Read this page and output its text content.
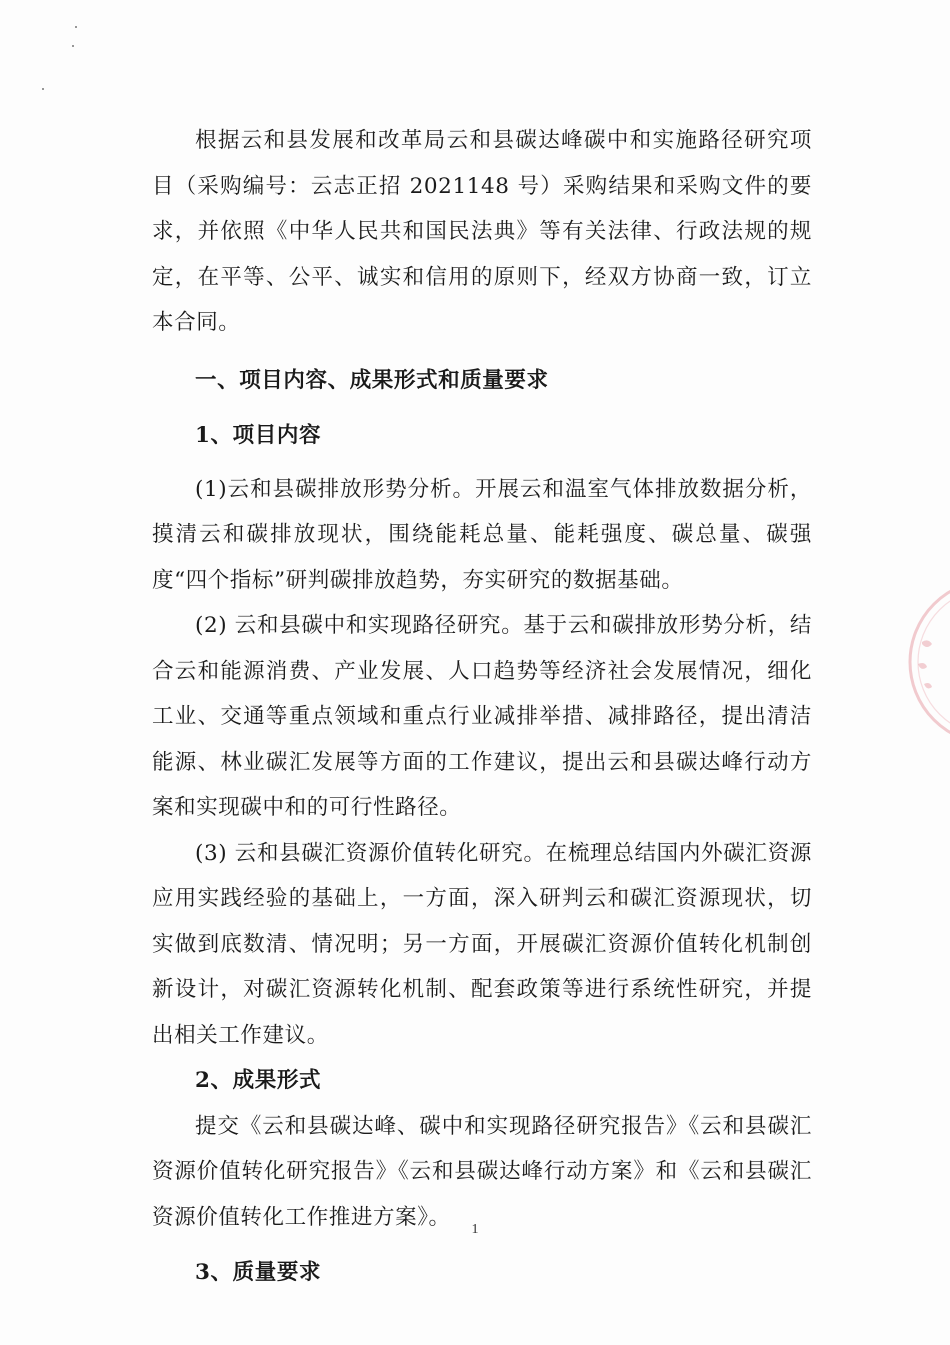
根据云和县发展和改革局云和县碳达峰碳中和实施路径研究项目（采购编号：云志正招 2021148 号）采购结果和采购文件的要求，并依照《中华人民共和国民法典》等有关法律、行政法规的规定，在平等、公平、诚实和信用的原则下，经双方协商一致，订立本合同。

一、项目内容、成果形式和质量要求

1、项目内容

(1)云和县碳排放形势分析。开展云和温室气体排放数据分析，摸清云和碳排放现状，围绕能耗总量、能耗强度、碳总量、碳强度“四个指标”研判碳排放趋势，夯实研究的数据基础。

(2) 云和县碳中和实现路径研究。基于云和碳排放形势分析，结合云和能源消费、产业发展、人口趋势等经济社会发展情况，细化工业、交通等重点领域和重点行业减排举措、减排路径，提出清洁能源、林业碳汇发展等方面的工作建议，提出云和县碳达峰行动方案和实现碳中和的可行性路径。

(3) 云和县碳汇资源价值转化研究。在梳理总结国内外碳汇资源应用实践经验的基础上，一方面，深入研判云和碳汇资源现状，切实做到底数清、情况明；另一方面，开展碳汇资源价值转化机制创新设计，对碳汇资源转化机制、配套政策等进行系统性研究，并提出相关工作建议。

2、成果形式

提交《云和县碳达峰、碳中和实现路径研究报告》《云和县碳汇资源价值转化研究报告》《云和县碳达峰行动方案》和《云和县碳汇资源价值转化工作推进方案》。

3、质量要求

1
